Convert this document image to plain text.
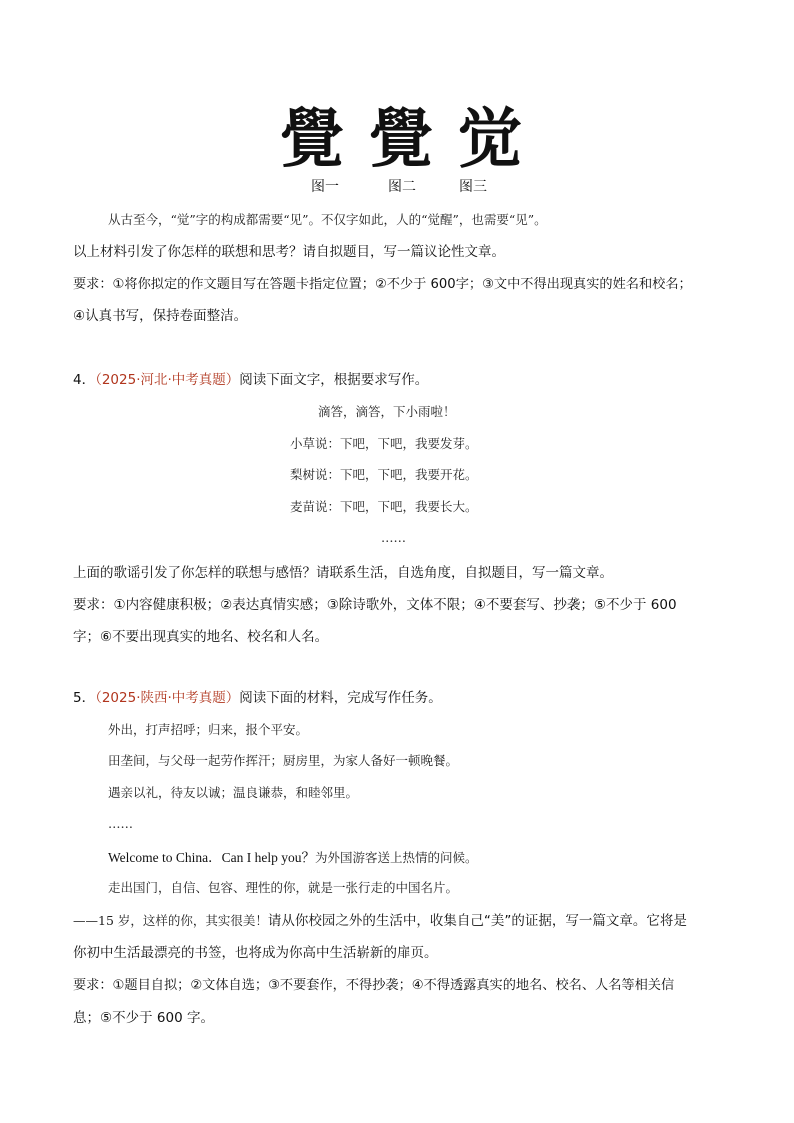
覺 覺 觉
图一	图二	图三
从古至今，“觉”字的构成都需要“见”。不仅字如此，人的“觉醒”，也需要“见”。
以上材料引发了你怎样的联想和思考？请自拟题目，写一篇议论性文章。
要求：①将你拟定的作文题目写在答题卡指定位置；②不少于 600字；③文中不得出现真实的姓名和校名；
④认真书写，保持卷面整洁。
4．（2025·河北·中考真题）阅读下面文字，根据要求写作。
滴答，滴答，下小雨啦！
小草说：下吧，下吧，我要发芽。
梨树说：下吧，下吧，我要开花。
麦苗说：下吧，下吧，我要长大。
……
上面的歌谣引发了你怎样的联想与感悟？请联系生活，自选角度，自拟题目，写一篇文章。
要求：①内容健康积极；②表达真情实感；③除诗歌外，文体不限；④不要套写、抄袭；⑤不少于 600
字；⑥不要出现真实的地名、校名和人名。
5．（2025·陕西·中考真题）阅读下面的材料，完成写作任务。
外出，打声招呼；归来，报个平安。
田垄间，与父母一起劳作挥汗；厨房里，为家人备好一顿晚餐。
遇亲以礼，待友以诚；温良谦恭，和睦邻里。
……
Welcome to China．Can I help you？为外国游客送上热情的问候。
走出国门，自信、包容、理性的你，就是一张行走的中国名片。
——15 岁，这样的你，其实很美！请从你校园之外的生活中，收集自己“美”的证据，写一篇文章。它将是
你初中生活最漂亮的书签，也将成为你高中生活崭新的扉页。
要求：①题目自拟；②文体自选；③不要套作，不得抄袭；④不得透露真实的地名、校名、人名等相关信
息；⑤不少于 600 字。
